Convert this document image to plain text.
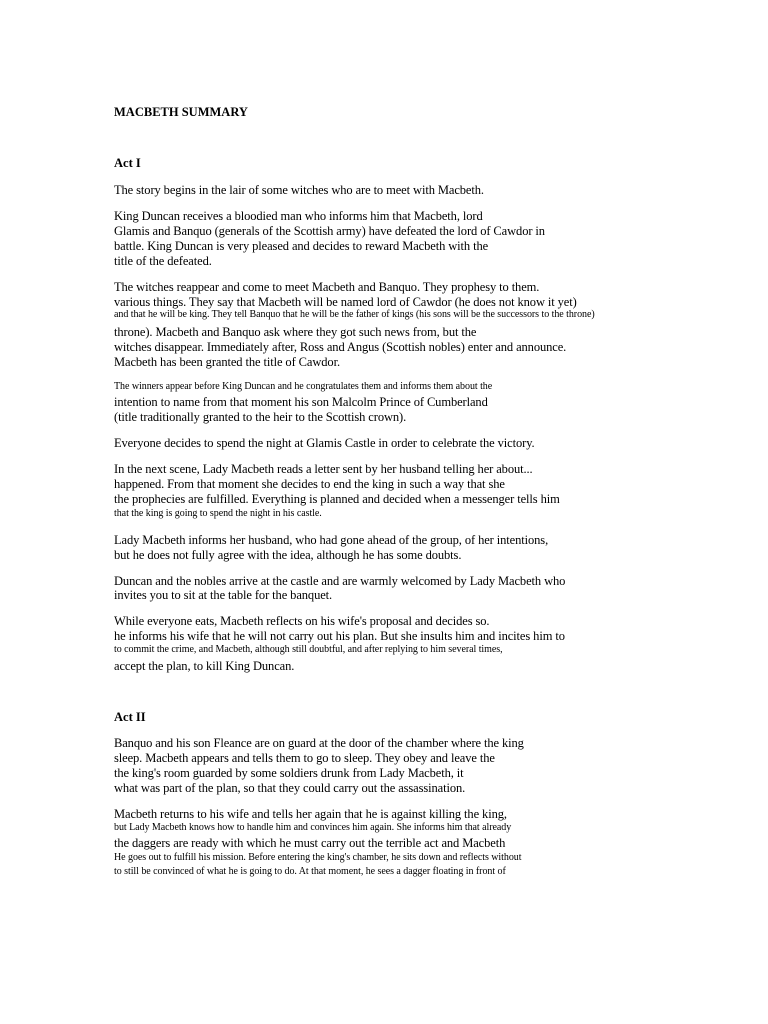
MACBETH SUMMARY
Act I
The story begins in the lair of some witches who are to meet with Macbeth.
King Duncan receives a bloodied man who informs him that Macbeth, lord
Glamis and Banquo (generals of the Scottish army) have defeated the lord of Cawdor in
battle. King Duncan is very pleased and decides to reward Macbeth with the
title of the defeated.
The witches reappear and come to meet Macbeth and Banquo. They prophesy to them.
various things. They say that Macbeth will be named lord of Cawdor (he does not know it yet)
and that he will be king. They tell Banquo that he will be the father of kings (his sons will be the successors to the throne)
throne). Macbeth and Banquo ask where they got such news from, but the
witches disappear. Immediately after, Ross and Angus (Scottish nobles) enter and announce.
Macbeth has been granted the title of Cawdor.
The winners appear before King Duncan and he congratulates them and informs them about the
intention to name from that moment his son Malcolm Prince of Cumberland
(title traditionally granted to the heir to the Scottish crown).
Everyone decides to spend the night at Glamis Castle in order to celebrate the victory.
In the next scene, Lady Macbeth reads a letter sent by her husband telling her about...
happened. From that moment she decides to end the king in such a way that she
the prophecies are fulfilled. Everything is planned and decided when a messenger tells him
that the king is going to spend the night in his castle.
Lady Macbeth informs her husband, who had gone ahead of the group, of her intentions,
but he does not fully agree with the idea, although he has some doubts.
Duncan and the nobles arrive at the castle and are warmly welcomed by Lady Macbeth who
invites you to sit at the table for the banquet.
While everyone eats, Macbeth reflects on his wife's proposal and decides so.
he informs his wife that he will not carry out his plan. But she insults him and incites him to
to commit the crime, and Macbeth, although still doubtful, and after replying to him several times,
accept the plan, to kill King Duncan.
Act II
Banquo and his son Fleance are on guard at the door of the chamber where the king
sleep. Macbeth appears and tells them to go to sleep. They obey and leave the
the king's room guarded by some soldiers drunk from Lady Macbeth, it
what was part of the plan, so that they could carry out the assassination.
Macbeth returns to his wife and tells her again that he is against killing the king,
but Lady Macbeth knows how to handle him and convinces him again. She informs him that already
the daggers are ready with which he must carry out the terrible act and Macbeth
He goes out to fulfill his mission. Before entering the king's chamber, he sits down and reflects without
to still be convinced of what he is going to do. At that moment, he sees a dagger floating in front of
